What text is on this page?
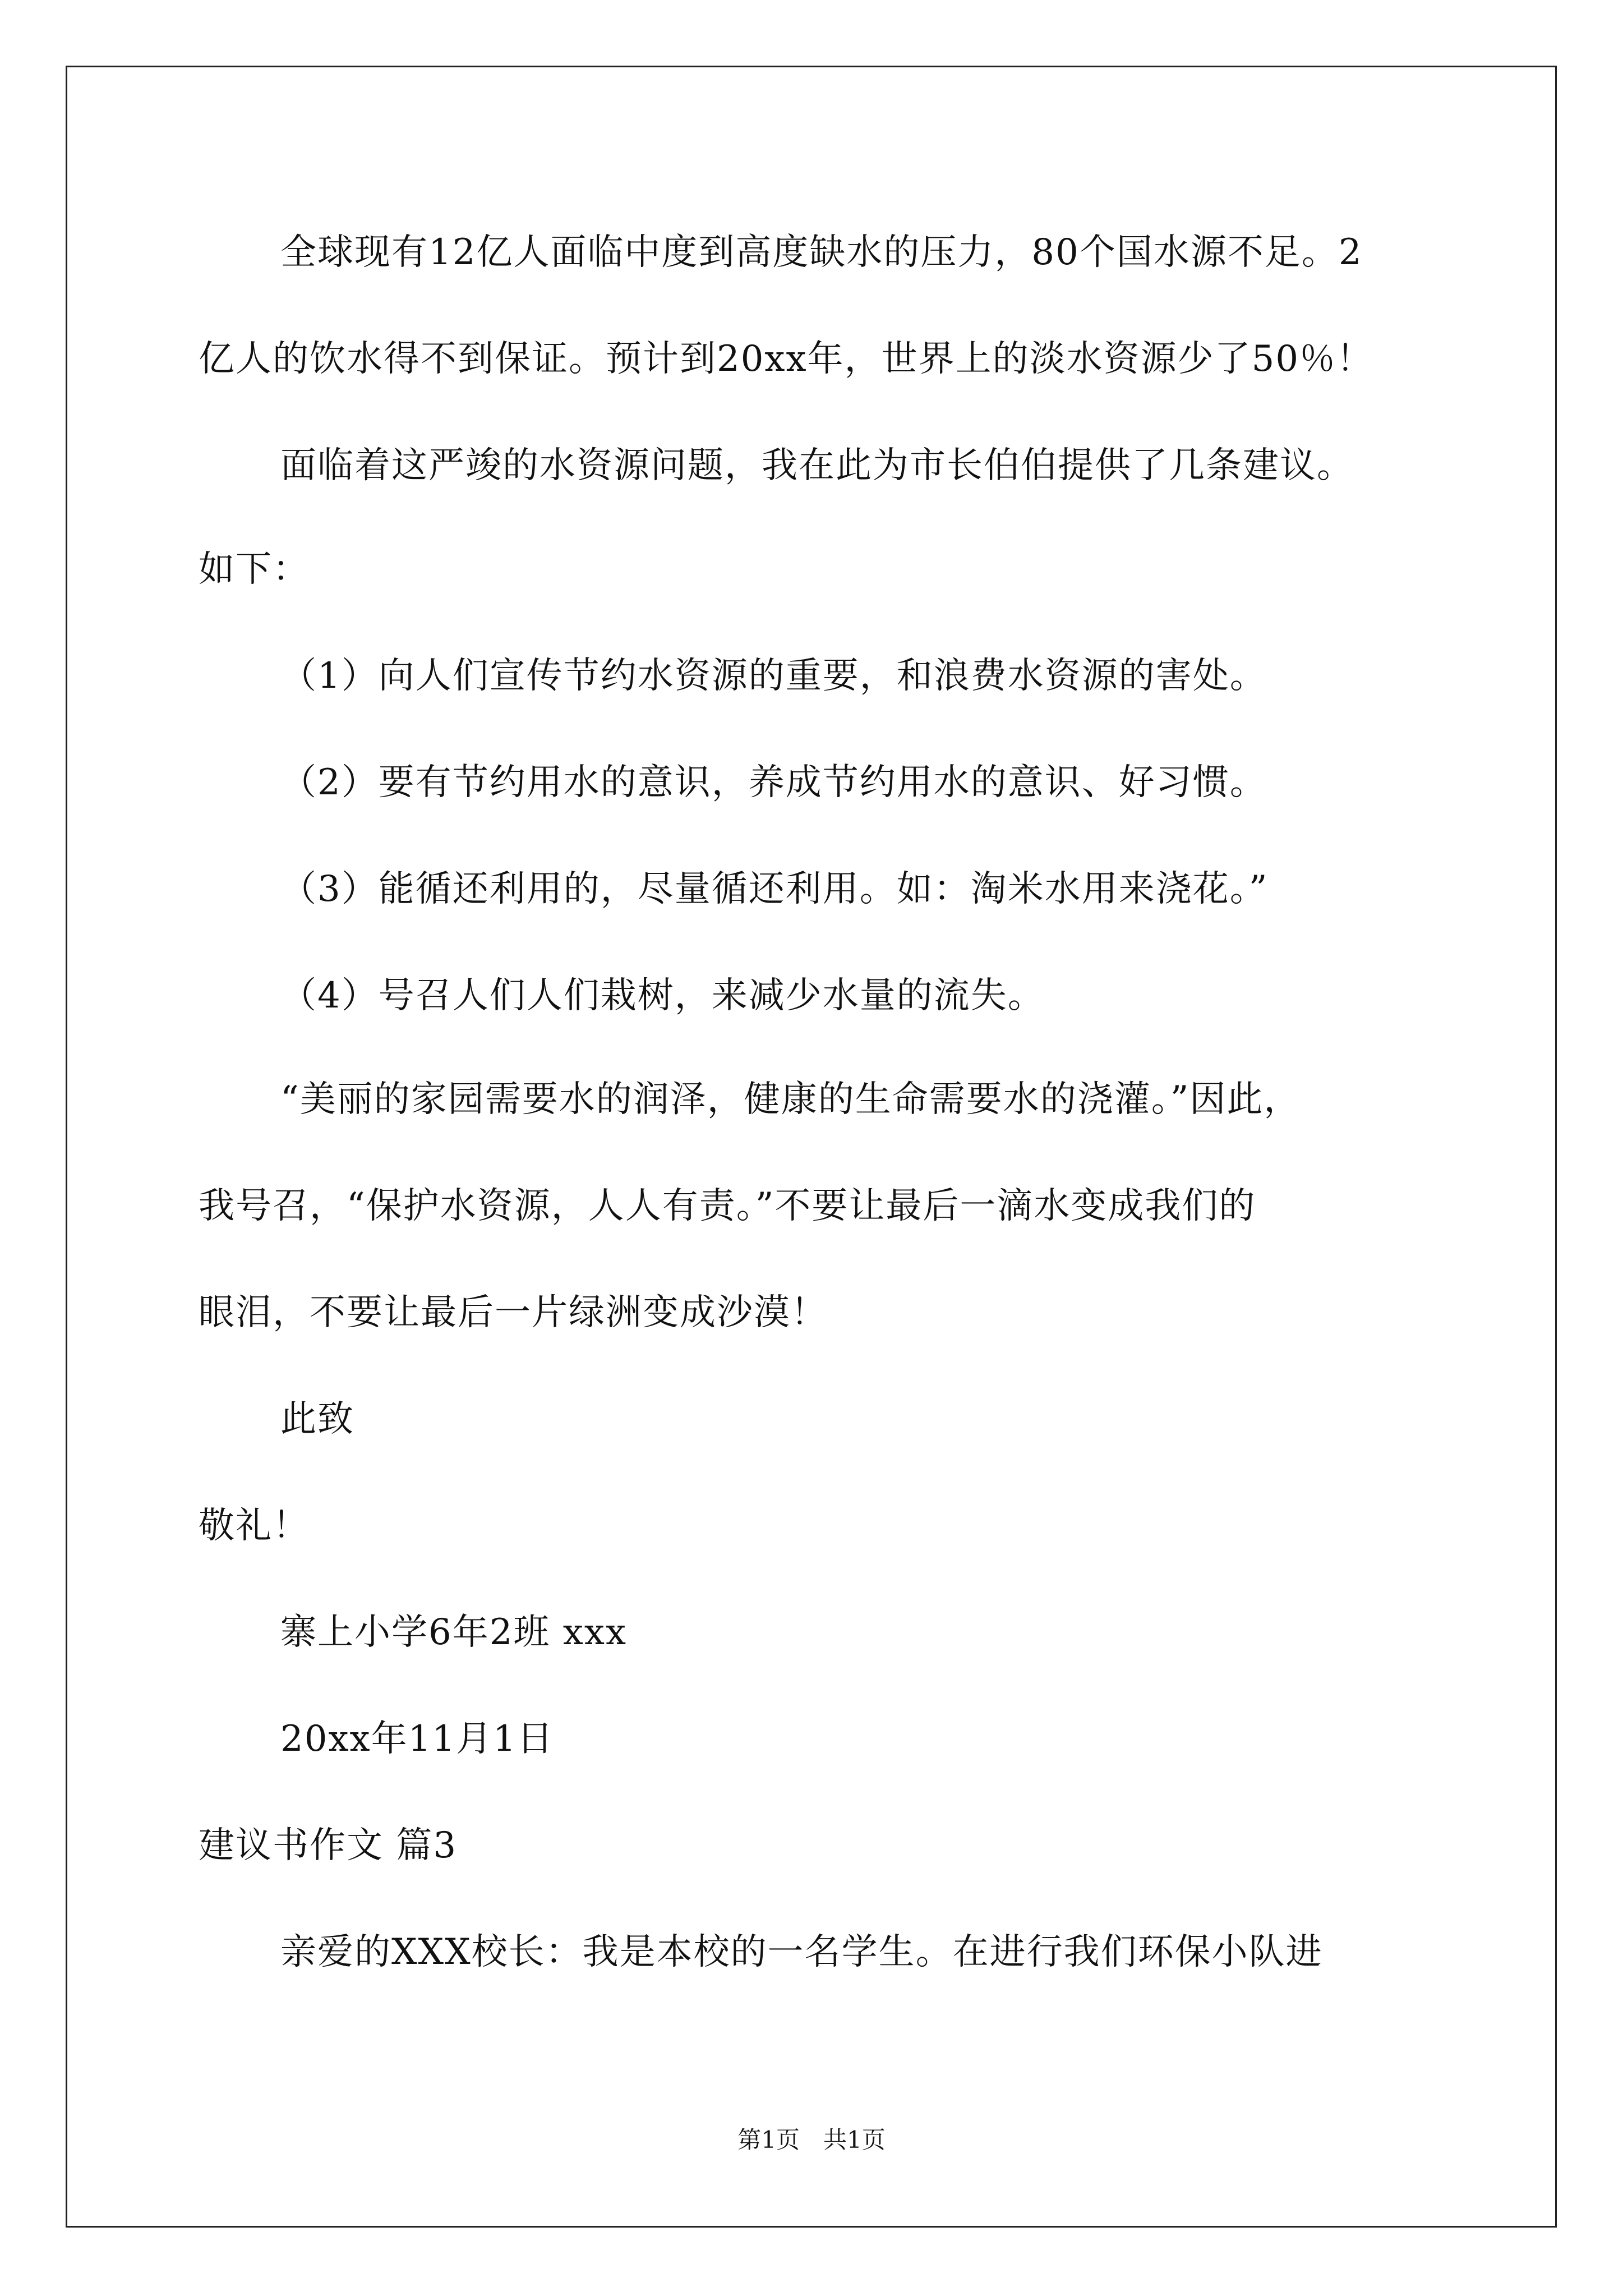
全球现有12亿人面临中度到高度缺水的压力，80个国水源不足。2
亿人的饮水得不到保证。预计到20xx年，世界上的淡水资源少了50％！
面临着这严竣的水资源问题，我在此为市长伯伯提供了几条建议。
如下：
（1）向人们宣传节约水资源的重要，和浪费水资源的害处。
（2）要有节约用水的意识，养成节约用水的意识、好习惯。
（3）能循还利用的，尽量循还利用。如：淘米水用来浇花。”
（4）号召人们人们栽树，来减少水量的流失。
“美丽的家园需要水的润泽，健康的生命需要水的浇灌。”因此，
我号召，“保护水资源，人人有责。”不要让最后一滴水变成我们的
眼泪，不要让最后一片绿洲变成沙漠！
此致
敬礼！
寨上小学6年2班 xxx
20xx年11月1日
建议书作文 篇3
亲爱的XXX校长：我是本校的一名学生。在进行我们环保小队进
第1页　共1页
